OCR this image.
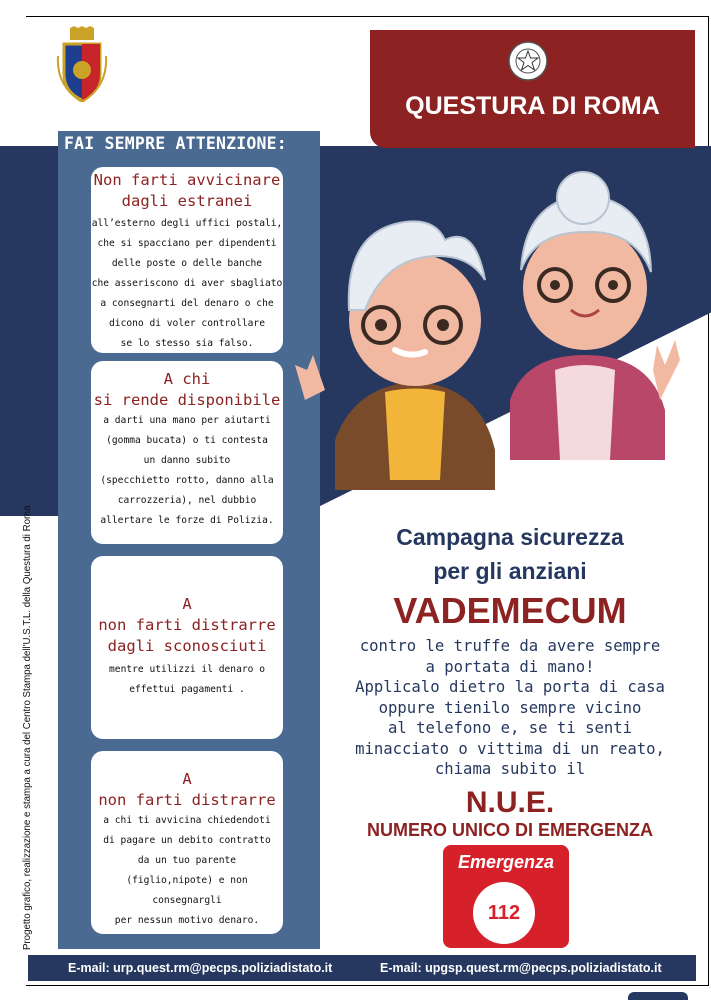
QUESTURA DI ROMA
FAI SEMPRE ATTENZIONE:
Non farti avvicinare
dagli estranei
all’esterno degli uffici postali,
che si spacciano per dipendenti
delle poste o delle banche
che asseriscono di aver sbagliato
a consegnarti del denaro o che
dicono di voler controllare
se lo stesso sia falso.
A chi
si rende disponibile
a darti una mano per aiutarti
(gomma bucata) o ti contesta
un danno subito
(specchietto rotto, danno alla
carrozzeria), nel dubbio
allertare le forze di Polizia.
A
non farti distrarre
dagli sconosciuti
mentre utilizzi il denaro o
effettui pagamenti .
A
non farti distrarre
a chi ti avvicina chiedendoti
di pagare un debito contratto
da un tuo parente
(figlio,nipote) e non consegnargli
per nessun motivo denaro.
Progetto grafico, realizzazione e stampa a cura del Centro Stampa dell'U.S.T.L. della Questura di Roma	Campagna sicurezza
per gli anziani
VADEMECUM
contro le truffe da avere sempre
a portata di mano!
Applicalo dietro la porta di casa
oppure tienilo sempre vicino
al telefono e, se ti senti
minacciato o vittima di un reato,
chiama subito il
N.U.E.
NUMERO UNICO DI EMERGENZA
Emergenza
112
E-mail: urp.quest.rm@pecps.poliziadistato.it	E-mail: upgsp.quest.rm@pecps.poliziadistato.it
